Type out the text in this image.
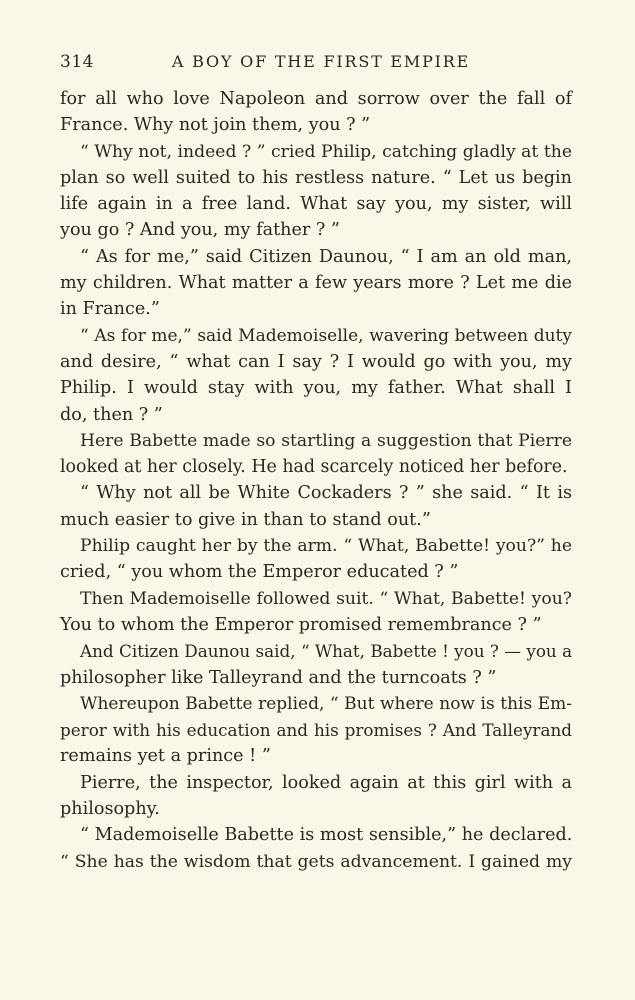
314	A BOY OF THE FIRST EMPIRE
for all who love Napoleon and sorrow over the fall of
France. Why not join them, you ? ”
“ Why not, indeed ? ” cried Philip, catching gladly at the
plan so well suited to his restless nature. “ Let us begin
life again in a free land. What say you, my sister, will
you go ? And you, my father ? ”
“ As for me,” said Citizen Daunou, “ I am an old man,
my children. What matter a few years more ? Let me die
in France.”
“ As for me,” said Mademoiselle, wavering between duty
and desire, “ what can I say ? I would go with you, my
Philip. I would stay with you, my father. What shall I
do, then ? ”
Here Babette made so startling a suggestion that Pierre
looked at her closely. He had scarcely noticed her before.
“ Why not all be White Cockaders ? ” she said. “ It is
much easier to give in than to stand out.”
Philip caught her by the arm. “ What, Babette! you?” he
cried, “ you whom the Emperor educated ? ”
Then Mademoiselle followed suit. “ What, Babette! you?
You to whom the Emperor promised remembrance ? ”
And Citizen Daunou said, “ What, Babette ! you ? — you a
philosopher like Talleyrand and the turncoats ? ”
Whereupon Babette replied, “ But where now is this Em-
peror with his education and his promises ? And Talleyrand
remains yet a prince ! ”
Pierre, the inspector, looked again at this girl with a
philosophy.
“ Mademoiselle Babette is most sensible,” he declared.
“ She has the wisdom that gets advancement. I gained my
